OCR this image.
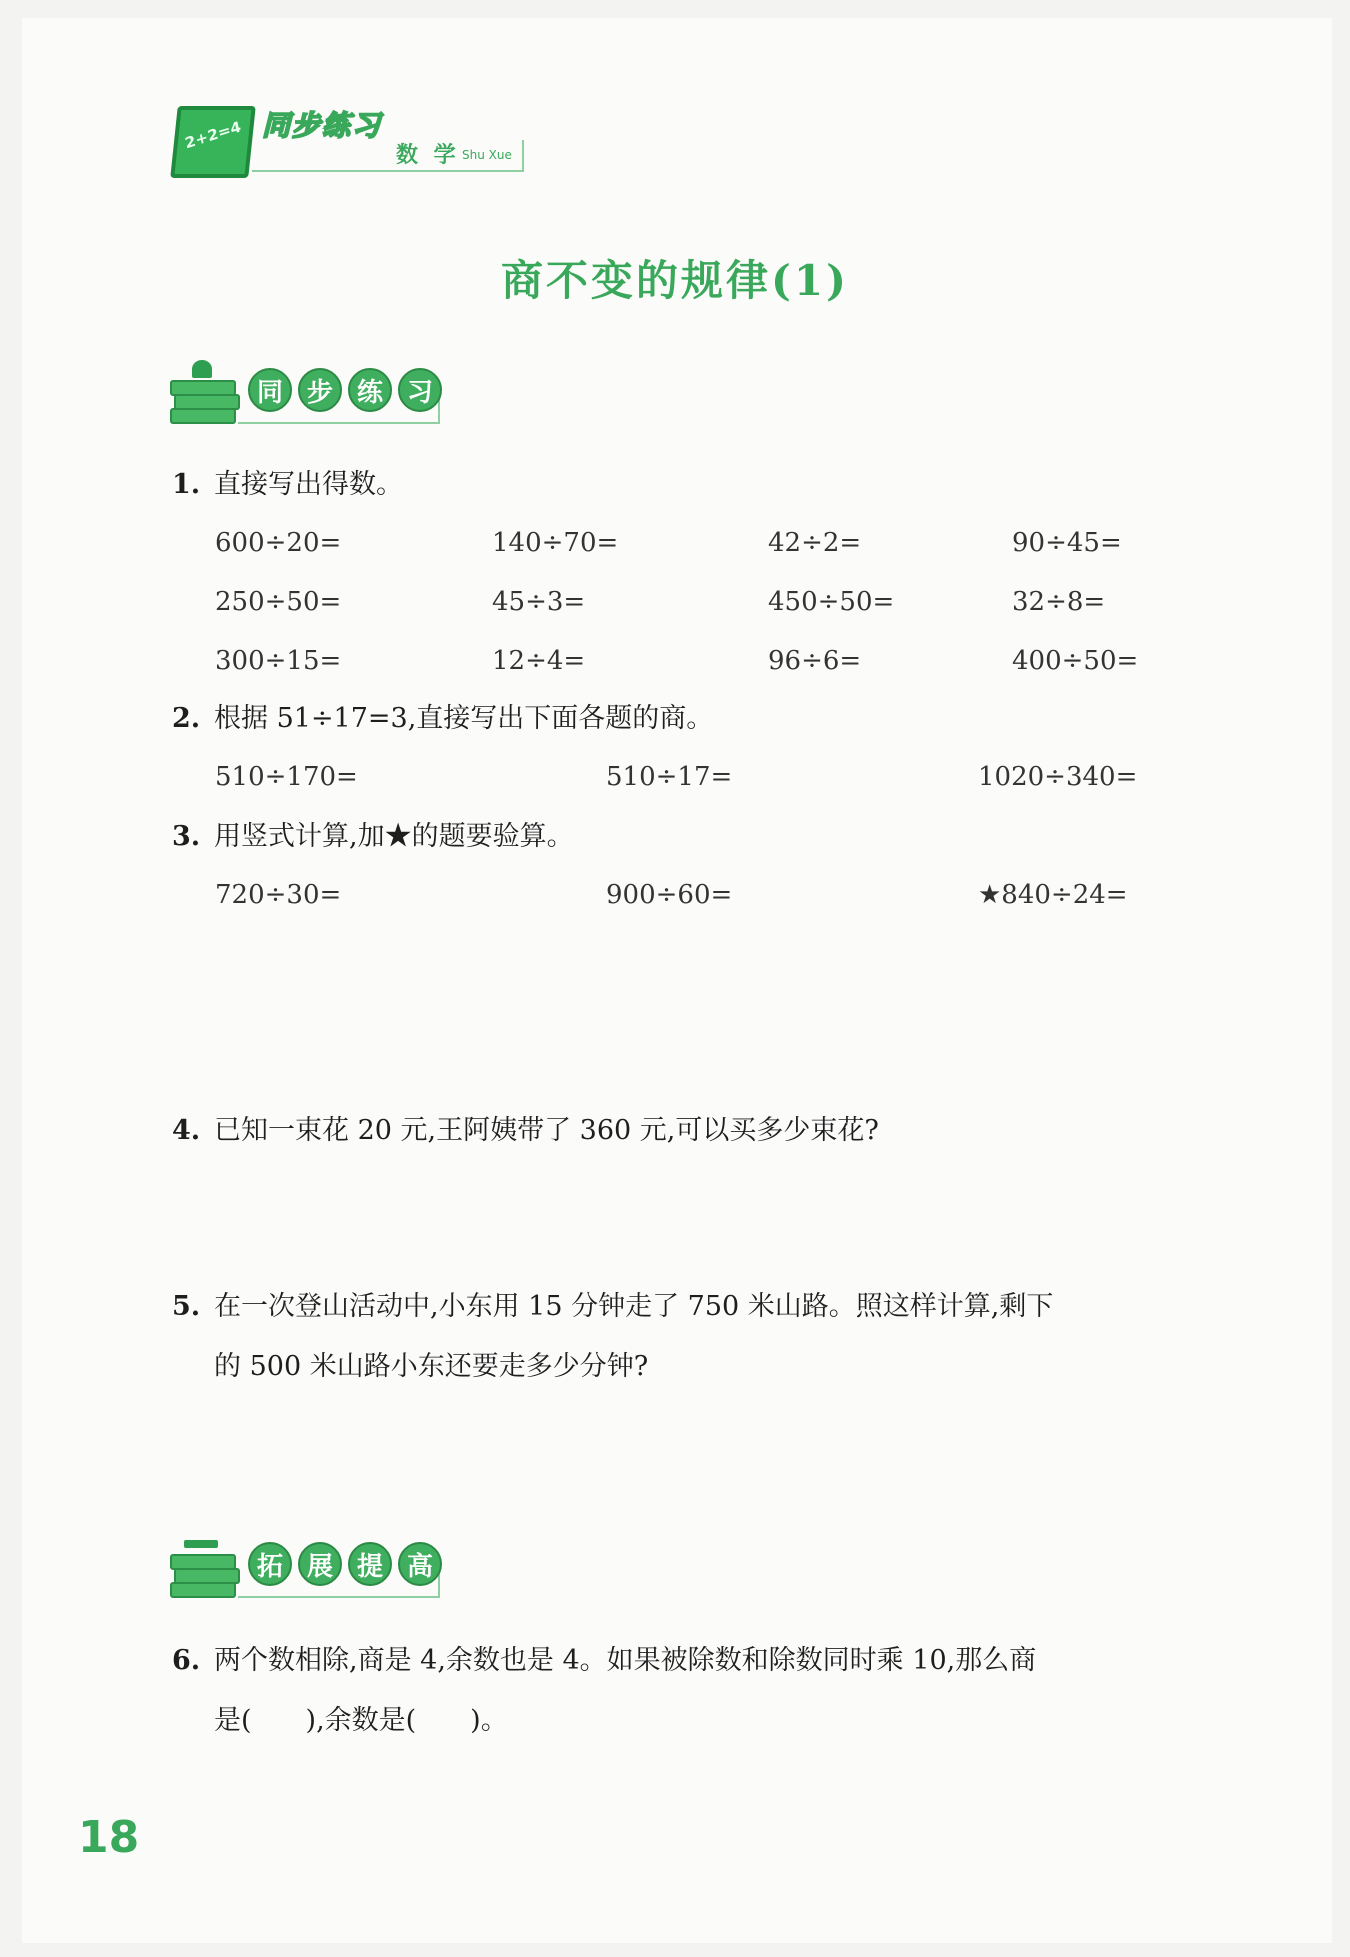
2+2=4 同步练习
数 学 Shu Xue
商不变的规律(1)
同 步 练 习
1. 直接写出得数。
600÷20=	140÷70=	42÷2=	90÷45=
250÷50=	45÷3=	450÷50=	32÷8=
300÷15=	12÷4=	96÷6=	400÷50=
2. 根据 51÷17=3,直接写出下面各题的商。
510÷170=	510÷17=	1020÷340=
3. 用竖式计算,加★的题要验算。
720÷30=	900÷60=	★840÷24=
4. 已知一束花 20 元,王阿姨带了 360 元,可以买多少束花?
5. 在一次登山活动中,小东用 15 分钟走了 750 米山路。照这样计算,剩下
的 500 米山路小东还要走多少分钟?
拓 展 提 高
6. 两个数相除,商是 4,余数也是 4。如果被除数和除数同时乘 10,那么商
是(　　),余数是(　　)。
18
